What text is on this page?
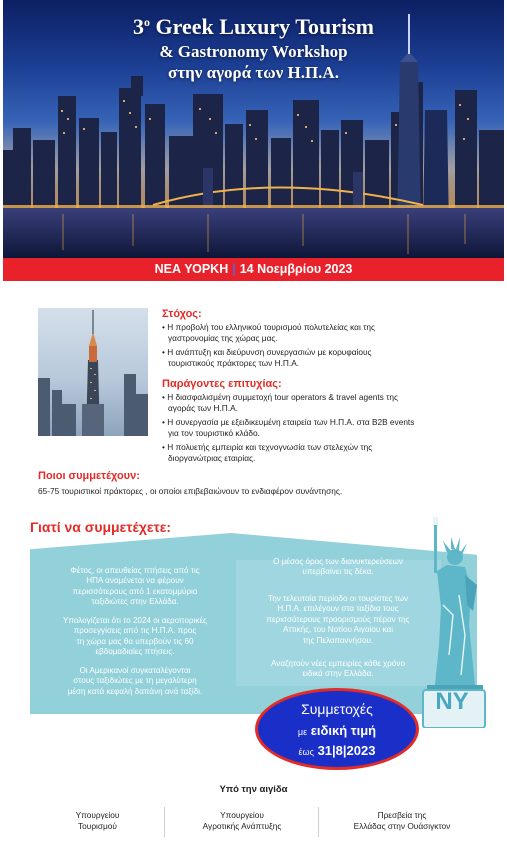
$3^o$ Greek Luxury Tourism
& Gastronomy Workshop
στην αγορά των Η.Π.Α.
ΝΕΑ ΥΟΡΚΗ | 14 Νοεμβρίου 2023
Στόχος:
• Η προβολή του ελληνικού τουρισμού πολυτελείας και της
γαστρονομίας της χώρας μας.
• Η ανάπτυξη και διεύρυνση συνεργασιών με κορυφαίους
τουριστικούς πράκτορες των Η.Π.Α.
Παράγοντες επιτυχίας:
• Η διασφαλισμένη συμμετοχή tour operators & travel agents της
αγοράς των Η.Π.Α.
• Η συνεργασία με εξειδικευμένη εταιρεία των Η.Π.Α. στα B2B events
για τον τουριστικό κλάδο.
• Η πολυετής εμπειρία και τεχνογνωσία των στελεχών της
διοργανώτριας εταιρίας.
Ποιοι συμμετέχουν:
65-75 τουριστικοί πράκτορες , οι οποίοι επιβεβαιώνουν το ενδιαφέρον συνάντησης.
Γιατί να συμμετέχετε:
Φέτος, οι απευθείας πτήσεις από τις
ΗΠΑ αναμένεται να φέρουν
περισσότερους από 1 εκατομμύριο
ταξιδιώτες στην Ελλάδα.
Υπολογίζεται ότι το 2024 οι αεροπορικές
προσεγγίσεις από τις Η.Π.Α. προς
τη χώρα μας θα υπερβούν τις 60
εβδομαδιαίες πτήσεις.
Οι Αμερικανοί συγκαταλέγονται
στους ταξιδιώτες με τη μεγαλύτερη
μέση κατά κεφαλή δαπάνη ανά ταξίδι.
Ο μέσος όρος των διανυκτερεύσεων
υπερβαίνει τις δέκα.
Την τελευταία περίοδο οι τουρίστες των
Η.Π.Α. επιλέγουν στα ταξίδια τους
περισσότερους προορισμούς πέραν της
Αττικής, του Νοτίου Αιγαίου και
της Πελοποννήσου.
Αναζητούν νέες εμπειρίες κάθε χρόνο
ειδικά στην Ελλάδα.
NY
Συμμετοχές
με ειδική τιμή
έως 31|8|2023
Υπό την αιγίδα
Υπουργείου
Τουρισμού
Υπουργείου
Αγροτικής Ανάπτυξης
Πρεσβεία της
Ελλάδας στην Ουάσιγκτον
